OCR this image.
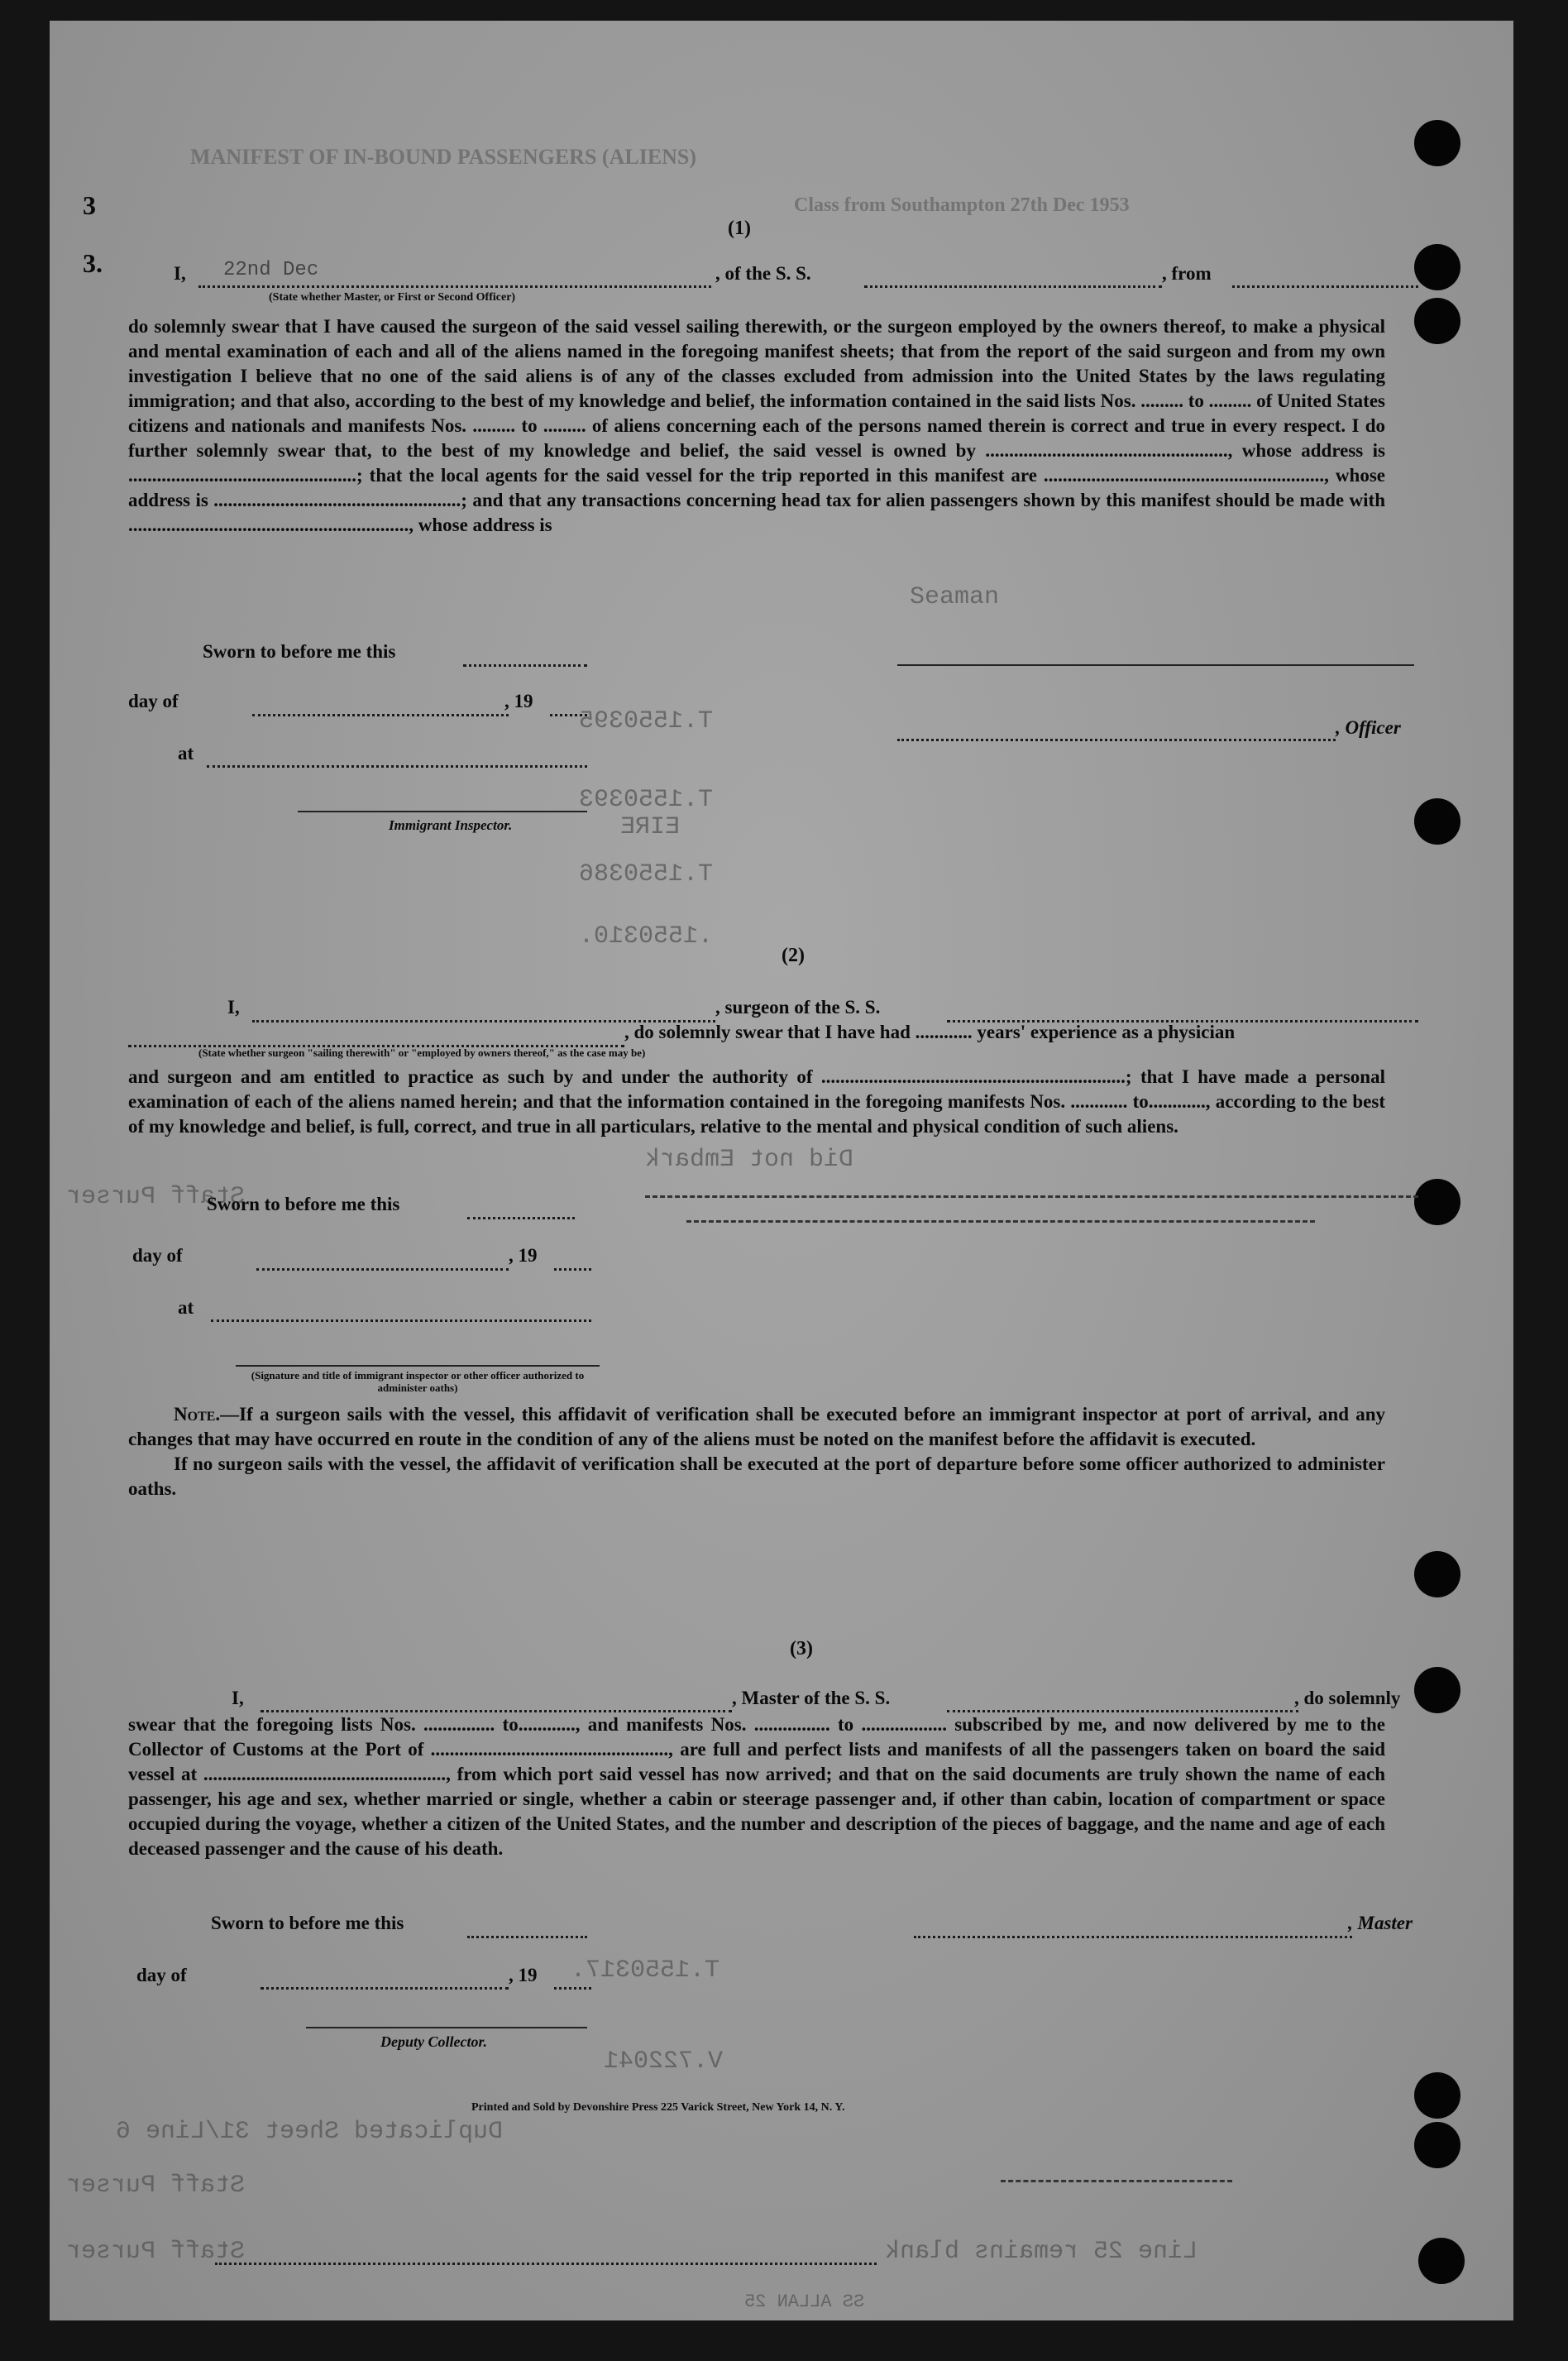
Seaman
T.1550395
T.1550393
EIRE
T.1550386
.1550310.
Did not Embark
Staff Purser
T.1550317.
V.722041
Duplicated Sheet 31/Line 6
Staff Purser
Line 25 remains blank
Staff Purser
SS ALLAN 25
MANIFEST OF IN-BOUND PASSENGERS (ALIENS)
Class from Southampton 27th Dec 1953
3
3.
(1)
I, 22nd Dec	, of the S. S.	, from
(State whether Master, or First or Second Officer)

do solemnly swear that I have caused the surgeon of the said vessel sailing therewith, or the surgeon employed by the owners thereof, to make a physical and mental examination of each and all of the aliens named in the foregoing manifest sheets; that from the report of the said surgeon and from my own investigation I believe that no one of the said aliens is of any of the classes excluded from admission into the United States by the laws regulating immigration; and that also, according to the best of my knowledge and belief, the information contained in the said lists Nos. ......... to ......... of United States citizens and nationals and manifests Nos. ......... to ......... of aliens concerning each of the persons named therein is correct and true in every respect. I do further solemnly swear that, to the best of my knowledge and belief, the said vessel is owned by ..................................................., whose address is ................................................; that the local agents for the said vessel for the trip reported in this manifest are ..........................................................., whose address is ....................................................; and that any transactions concerning head tax for alien passengers shown by this manifest should be made with ..........................................................., whose address is

Sworn to before me this
day of	, 19
, Officer
at
Immigrant Inspector.
(2)
I,	, surgeon of the S. S.
, do solemnly swear that I have had ............ years' experience as a physician
(State whether surgeon "sailing therewith" or "employed by owners thereof," as the case may be)

and surgeon and am entitled to practice as such by and under the authority of ................................................................; that I have made a personal examination of each of the aliens named herein; and that the information contained in the foregoing manifests Nos. ............ to............, according to the best of my knowledge and belief, is full, correct, and true in all particulars, relative to the mental and physical condition of such aliens.

Sworn to before me this
day of	, 19
at
(Signature and title of immigrant inspector or other officer authorized to administer oaths)

Note.—If a surgeon sails with the vessel, this affidavit of verification shall be executed before an immigrant inspector at port of arrival, and any changes that may have occurred en route in the condition of any of the aliens must be noted on the manifest before the affidavit is executed.

If no surgeon sails with the vessel, the affidavit of verification shall be executed at the port of departure before some officer authorized to administer oaths.

(3)
I,	, Master of the S. S.	, do solemnly

swear that the foregoing lists Nos. ............... to............, and manifests Nos. ................ to .................. subscribed by me, and now delivered by me to the Collector of Customs at the Port of .................................................., are full and perfect lists and manifests of all the passengers taken on board the said vessel at ..................................................., from which port said vessel has now arrived; and that on the said documents are truly shown the name of each passenger, his age and sex, whether married or single, whether a cabin or steerage passenger and, if other than cabin, location of compartment or space occupied during the voyage, whether a citizen of the United States, and the number and description of the pieces of baggage, and the name and age of each deceased passenger and the cause of his death.

Sworn to before me this	, Master
day of	, 19
Deputy Collector.
Printed and Sold by Devonshire Press 225 Varick Street, New York 14, N. Y.
